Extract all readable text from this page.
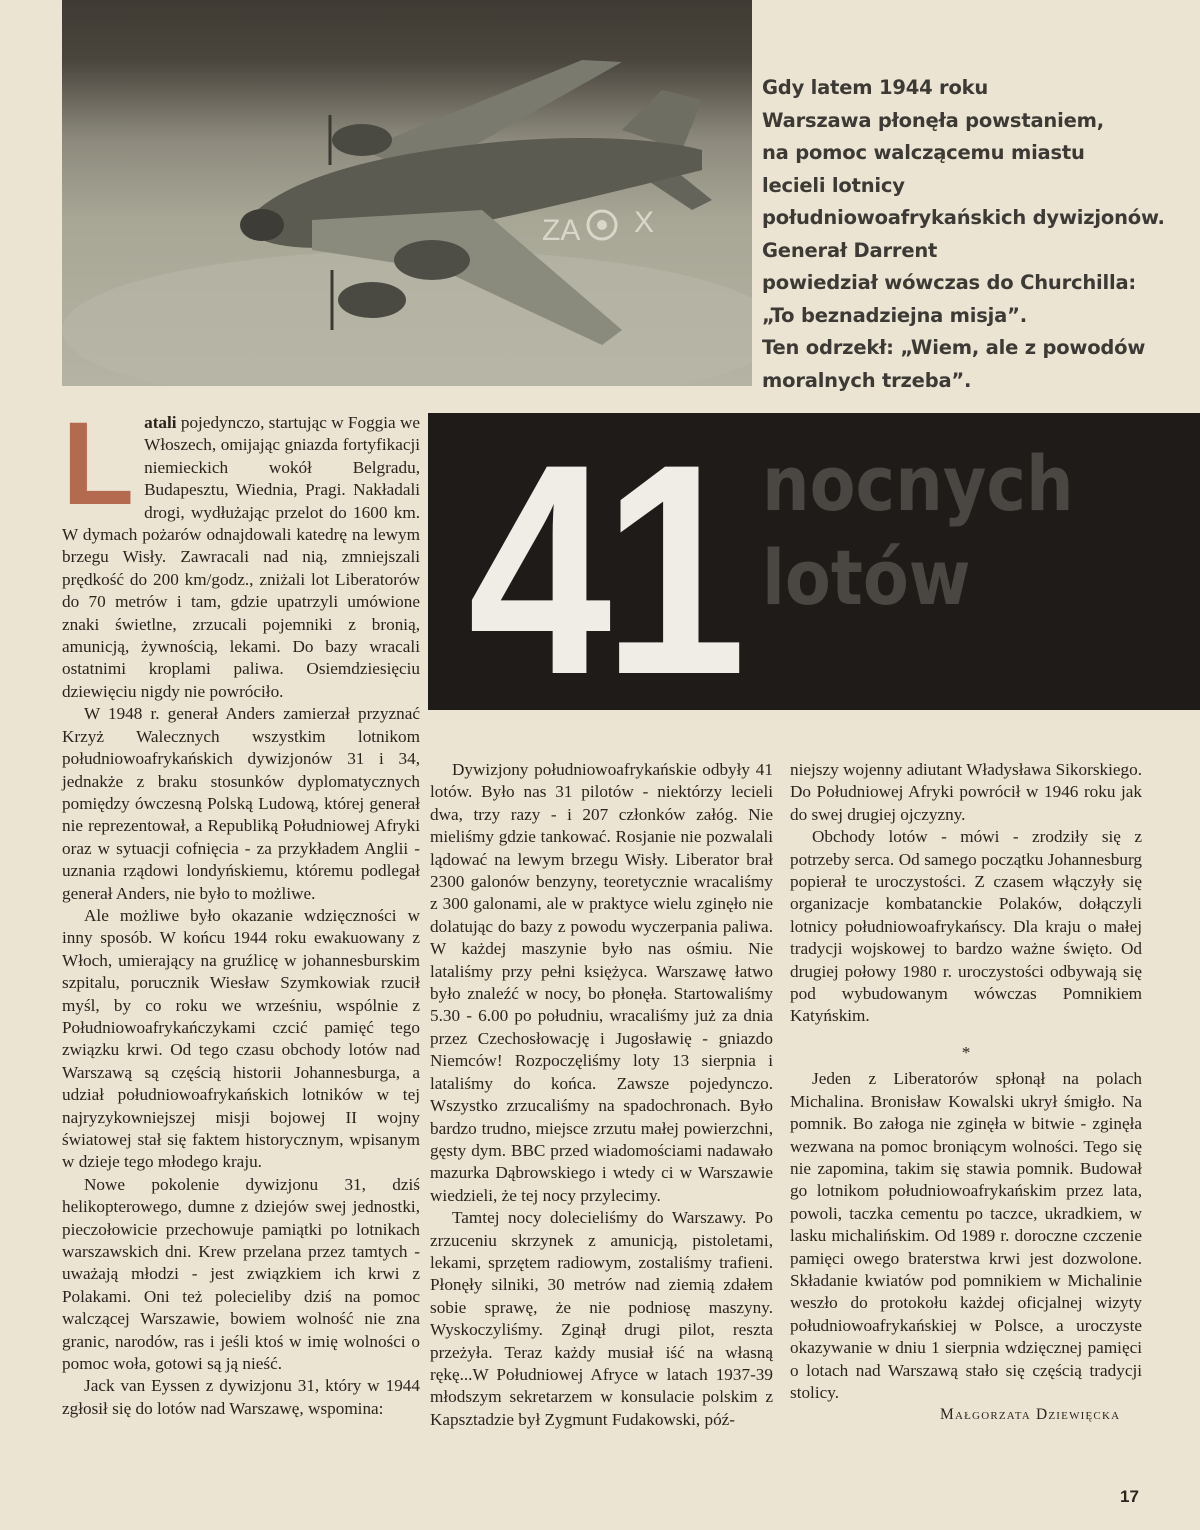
ZA X
Gdy latem 1944 roku
Warszawa płonęła powstaniem,
na pomoc walczącemu miastu
lecieli lotnicy
południowoafrykańskich dywizjonów.
Generał Darrent
powiedział wówczas do Churchilla:
„To beznadziejna misja”.
Ten odrzekł: „Wiem, ale z powodów
moralnych trzeba”.
41 nocnych
lotów

Latali pojedynczo, startując w Foggia we Włoszech, omijając gniazda fortyfikacji niemieckich wokół Belgradu, Budapesztu, Wiednia, Pragi. Nakładali drogi, wydłużając przelot do 1600 km. W dymach pożarów odnajdowali katedrę na lewym brzegu Wisły. Zawracali nad nią, zmniejszali prędkość do 200 km/godz., zniżali lot Liberatorów do 70 metrów i tam, gdzie upatrzyli umówione znaki świetlne, zrzucali pojemniki z bronią, amunicją, żywnością, lekami. Do bazy wracali ostatnimi kroplami paliwa. Osiemdziesięciu dziewięciu nigdy nie powróciło.

W 1948 r. generał Anders zamierzał przyznać Krzyż Walecznych wszystkim lotnikom południowoafrykańskich dywizjonów 31 i 34, jednakże z braku stosunków dyplomatycznych pomiędzy ówczesną Polską Ludową, której generał nie reprezentował, a Republiką Południowej Afryki oraz w sytuacji cofnięcia - za przykładem Anglii - uznania rządowi londyńskiemu, któremu podlegał generał Anders, nie było to możliwe.

Ale możliwe było okazanie wdzięczności w inny sposób. W końcu 1944 roku ewakuowany z Włoch, umierający na gruźlicę w johannesburskim szpitalu, porucznik Wiesław Szymkowiak rzucił myśl, by co roku we wrześniu, wspólnie z Południowoafrykańczykami czcić pamięć tego związku krwi. Od tego czasu obchody lotów nad Warszawą są częścią historii Johannesburga, a udział południowoafrykańskich lotników w tej najryzykowniejszej misji bojowej II wojny światowej stał się faktem historycznym, wpisanym w dzieje tego młodego kraju.

Nowe pokolenie dywizjonu 31, dziś helikopterowego, dumne z dziejów swej jednostki, pieczołowicie przechowuje pamiątki po lotnikach warszawskich dni. Krew przelana przez tamtych - uważają młodzi - jest związkiem ich krwi z Polakami. Oni też polecieliby dziś na pomoc walczącej Warszawie, bowiem wolność nie zna granic, narodów, ras i jeśli ktoś w imię wolności o pomoc woła, gotowi są ją nieść.

Jack van Eyssen z dywizjonu 31, który w 1944 zgłosił się do lotów nad Warszawę, wspomina:

Dywizjony południowoafrykańskie odbyły 41 lotów. Było nas 31 pilotów - niektórzy lecieli dwa, trzy razy - i 207 członków załóg. Nie mieliśmy gdzie tankować. Rosjanie nie pozwalali lądować na lewym brzegu Wisły. Liberator brał 2300 galonów benzyny, teoretycznie wracaliśmy z 300 galonami, ale w praktyce wielu zginęło nie dolatując do bazy z powodu wyczerpania paliwa. W każdej maszynie było nas ośmiu. Nie lataliśmy przy pełni księżyca. Warszawę łatwo było znaleźć w nocy, bo płonęła. Startowaliśmy 5.30 - 6.00 po południu, wracaliśmy już za dnia przez Czechosłowację i Jugosławię - gniazdo Niemców! Rozpoczęliśmy loty 13 sierpnia i lataliśmy do końca. Zawsze pojedynczo. Wszystko zrzucaliśmy na spadochronach. Było bardzo trudno, miejsce zrzutu małej powierzchni, gęsty dym. BBC przed wiadomościami nadawało mazurka Dąbrowskiego i wtedy ci w Warszawie wiedzieli, że tej nocy przylecimy.

Tamtej nocy dolecieliśmy do Warszawy. Po zrzuceniu skrzynek z amunicją, pistoletami, lekami, sprzętem radiowym, zostaliśmy trafieni. Płonęły silniki, 30 metrów nad ziemią zdałem sobie sprawę, że nie podniosę maszyny. Wyskoczyliśmy. Zginął drugi pilot, reszta przeżyła. Teraz każdy musiał iść na własną rękę...W Południowej Afryce w latach 1937-39 młodszym sekretarzem w konsulacie polskim z Kapsztadzie był Zygmunt Fudakowski, póź-

niejszy wojenny adiutant Władysława Sikorskiego. Do Południowej Afryki powrócił w 1946 roku jak do swej drugiej ojczyzny.

Obchody lotów - mówi - zrodziły się z potrzeby serca. Od samego początku Johannesburg popierał te uroczystości. Z czasem włączyły się organizacje kombatanckie Polaków, dołączyli lotnicy południowoafrykańscy. Dla kraju o małej tradycji wojskowej to bardzo ważne święto. Od drugiej połowy 1980 r. uroczystości odbywają się pod wybudowanym wówczas Pomnikiem Katyńskim.

*

Jeden z Liberatorów spłonął na polach Michalina. Bronisław Kowalski ukrył śmigło. Na pomnik. Bo załoga nie zginęła w bitwie - zginęła wezwana na pomoc broniącym wolności. Tego się nie zapomina, takim się stawia pomnik. Budował go lotnikom południowoafrykańskim przez lata, powoli, taczka cementu po taczce, ukradkiem, w lasku michalińskim. Od 1989 r. doroczne czczenie pamięci owego braterstwa krwi jest dozwolone. Składanie kwiatów pod pomnikiem w Michalinie weszło do protokołu każdej oficjalnej wizyty południowoafrykańskiej w Polsce, a uroczyste okazywanie w dniu 1 sierpnia wdzięcznej pamięci o lotach nad Warszawą stało się częścią tradycji stolicy.

Małgorzata Dziewięcka
17
